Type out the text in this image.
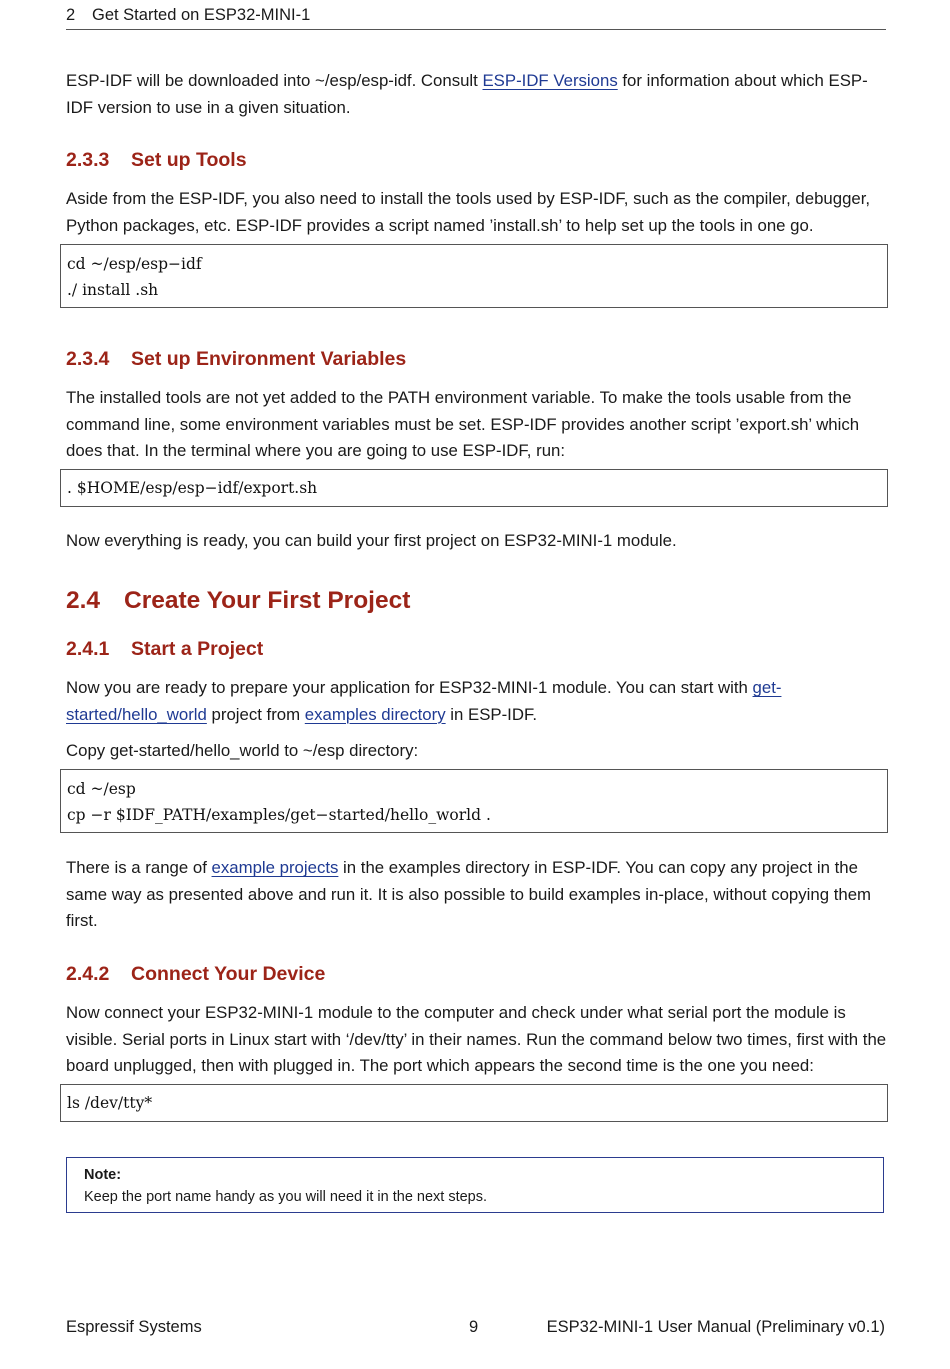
2 Get Started on ESP32-MINI-1
ESP-IDF will be downloaded into ~/esp/esp-idf. Consult ESP-IDF Versions for information about which ESP-IDF version to use in a given situation.
2.3.3 Set up Tools
Aside from the ESP-IDF, you also need to install the tools used by ESP-IDF, such as the compiler, debugger, Python packages, etc. ESP-IDF provides a script named ’install.sh’ to help set up the tools in one go.
cd ~/esp/esp−idf
./ install .sh
2.3.4 Set up Environment Variables
The installed tools are not yet added to the PATH environment variable. To make the tools usable from the command line, some environment variables must be set. ESP-IDF provides another script ’export.sh’ which does that. In the terminal where you are going to use ESP-IDF, run:
. $HOME/esp/esp−idf/export.sh
Now everything is ready, you can build your first project on ESP32-MINI-1 module.
2.4 Create Your First Project
2.4.1 Start a Project
Now you are ready to prepare your application for ESP32-MINI-1 module. You can start with get-started/hello_world project from examples directory in ESP-IDF.
Copy get-started/hello_world to ~/esp directory:
cd ~/esp
cp −r $IDF_PATH/examples/get−started/hello_world .
There is a range of example projects in the examples directory in ESP-IDF. You can copy any project in the same way as presented above and run it. It is also possible to build examples in-place, without copying them first.
2.4.2 Connect Your Device
Now connect your ESP32-MINI-1 module to the computer and check under what serial port the module is visible. Serial ports in Linux start with ‘/dev/tty’ in their names. Run the command below two times, first with the board unplugged, then with plugged in. The port which appears the second time is the one you need:
ls /dev/tty*
Note:
Keep the port name handy as you will need it in the next steps.
Espressif Systems	9	ESP32-MINI-1 User Manual (Preliminary v0.1)
